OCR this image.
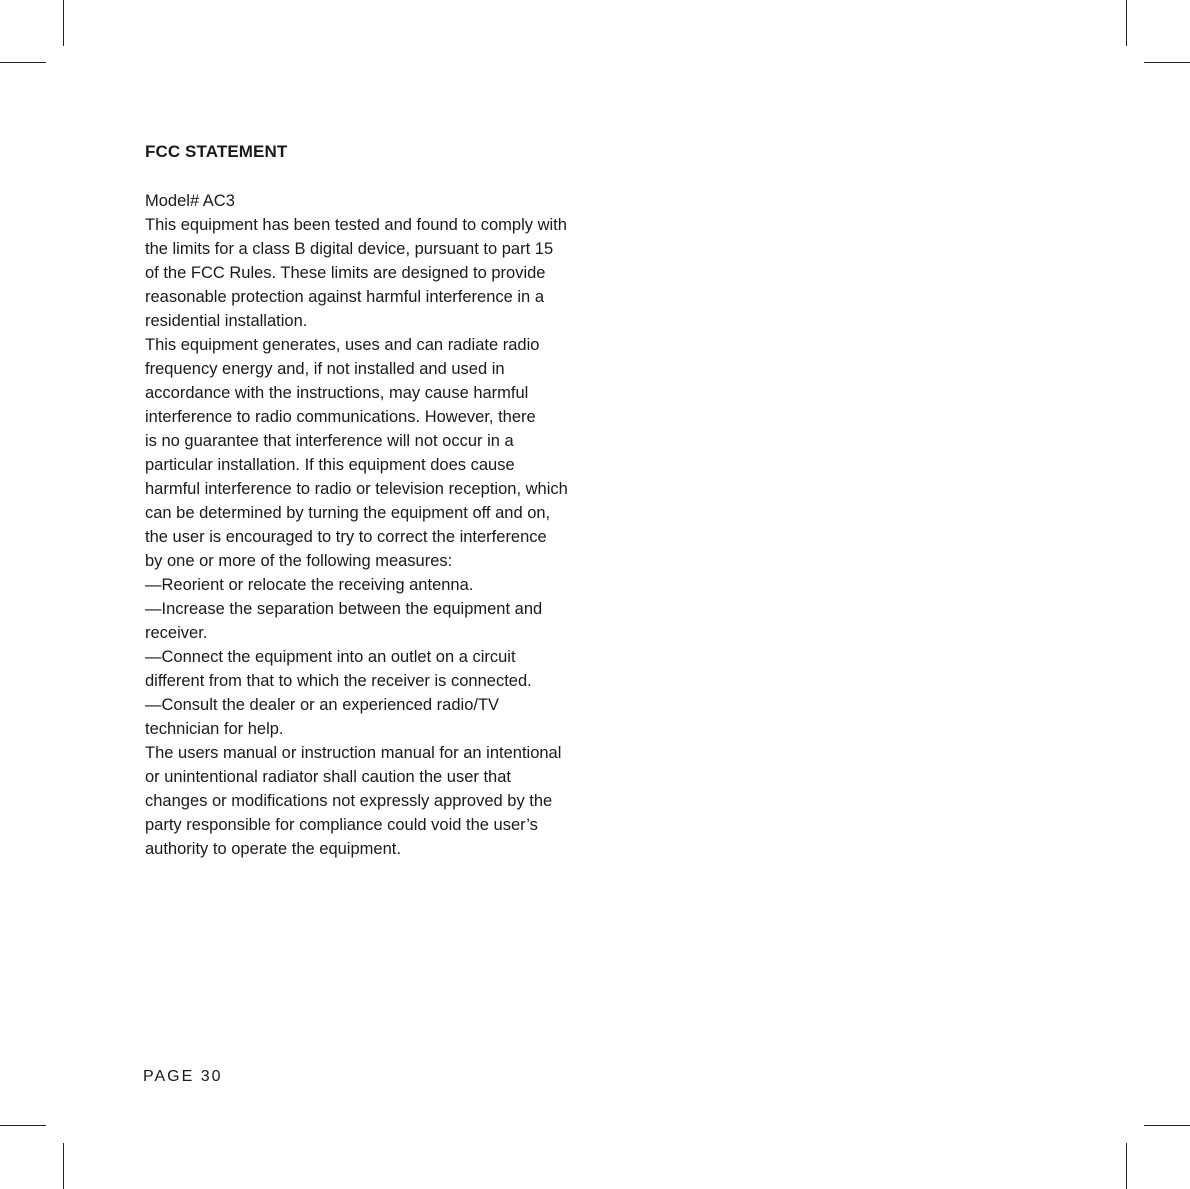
FCC STATEMENT
Model# AC3
This equipment has been tested and found to comply with
the limits for a class B digital device, pursuant to part 15
of the FCC Rules. These limits are designed to provide
reasonable protection against harmful interference in a
residential installation.
This equipment generates, uses and can radiate radio
frequency energy and, if not installed and used in
accordance with the instructions, may cause harmful
interference to radio communications. However, there
is no guarantee that interference will not occur in a
particular installation. If this equipment does cause
harmful interference to radio or television reception, which
can be determined by turning the equipment off and on,
the user is encouraged to try to correct the interference
by one or more of the following measures:
—Reorient or relocate the receiving antenna.
—Increase the separation between the equipment and
receiver.
—Connect the equipment into an outlet on a circuit
different from that to which the receiver is connected.
—Consult the dealer or an experienced radio/TV
technician for help.
The users manual or instruction manual for an intentional
or unintentional radiator shall caution the user that
changes or modifications not expressly approved by the
party responsible for compliance could void the user’s
authority to operate the equipment.
PAGE 30
